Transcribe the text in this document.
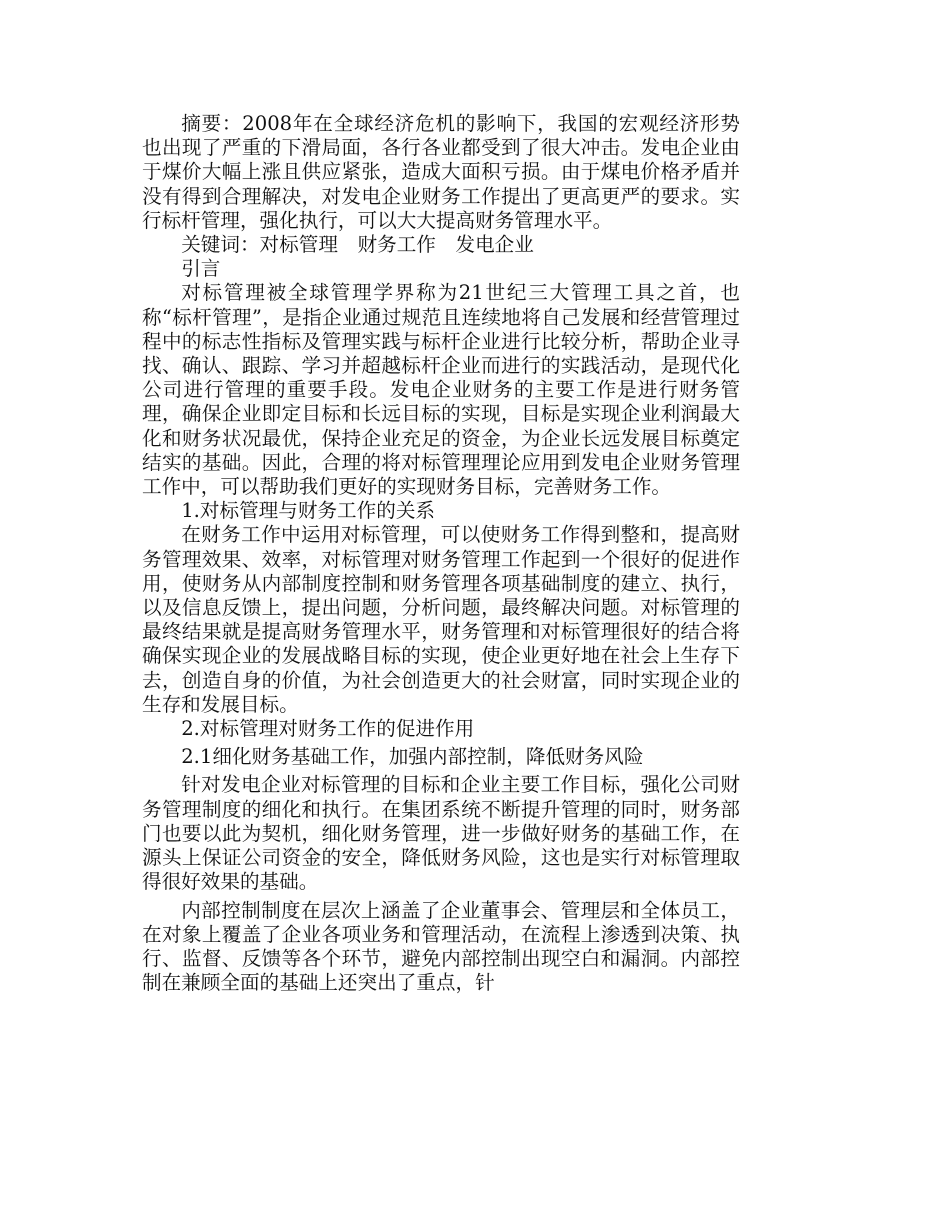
摘要：2008年在全球经济危机的影响下，我国的宏观经济形势也出现了严重的下滑局面，各行各业都受到了很大冲击。发电企业由于煤价大幅上涨且供应紧张，造成大面积亏损。由于煤电价格矛盾并没有得到合理解决，对发电企业财务工作提出了更高更严的要求。实行标杆管理，强化执行，可以大大提高财务管理水平。

关键词：对标管理　财务工作　发电企业

引言

对标管理被全球管理学界称为21世纪三大管理工具之首，也称“标杆管理”，是指企业通过规范且连续地将自己发展和经营管理过程中的标志性指标及管理实践与标杆企业进行比较分析，帮助企业寻找、确认、跟踪、学习并超越标杆企业而进行的实践活动，是现代化公司进行管理的重要手段。发电企业财务的主要工作是进行财务管理，确保企业即定目标和长远目标的实现，目标是实现企业利润最大化和财务状况最优，保持企业充足的资金，为企业长远发展目标奠定结实的基础。因此，合理的将对标管理理论应用到发电企业财务管理工作中，可以帮助我们更好的实现财务目标，完善财务工作。

1.对标管理与财务工作的关系

在财务工作中运用对标管理，可以使财务工作得到整和，提高财务管理效果、效率，对标管理对财务管理工作起到一个很好的促进作用，使财务从内部制度控制和财务管理各项基础制度的建立、执行，以及信息反馈上，提出问题，分析问题，最终解决问题。对标管理的最终结果就是提高财务管理水平，财务管理和对标管理很好的结合将确保实现企业的发展战略目标的实现，使企业更好地在社会上生存下去，创造自身的价值，为社会创造更大的社会财富，同时实现企业的生存和发展目标。

2.对标管理对财务工作的促进作用

2.1细化财务基础工作，加强内部控制，降低财务风险

针对发电企业对标管理的目标和企业主要工作目标，强化公司财务管理制度的细化和执行。在集团系统不断提升管理的同时，财务部门也要以此为契机，细化财务管理，进一步做好财务的基础工作，在源头上保证公司资金的安全，降低财务风险，这也是实行对标管理取得很好效果的基础。

内部控制制度在层次上涵盖了企业董事会、管理层和全体员工，在对象上覆盖了企业各项业务和管理活动，在流程上渗透到决策、执行、监督、反馈等各个环节，避免内部控制出现空白和漏洞。内部控制在兼顾全面的基础上还突出了重点，针
